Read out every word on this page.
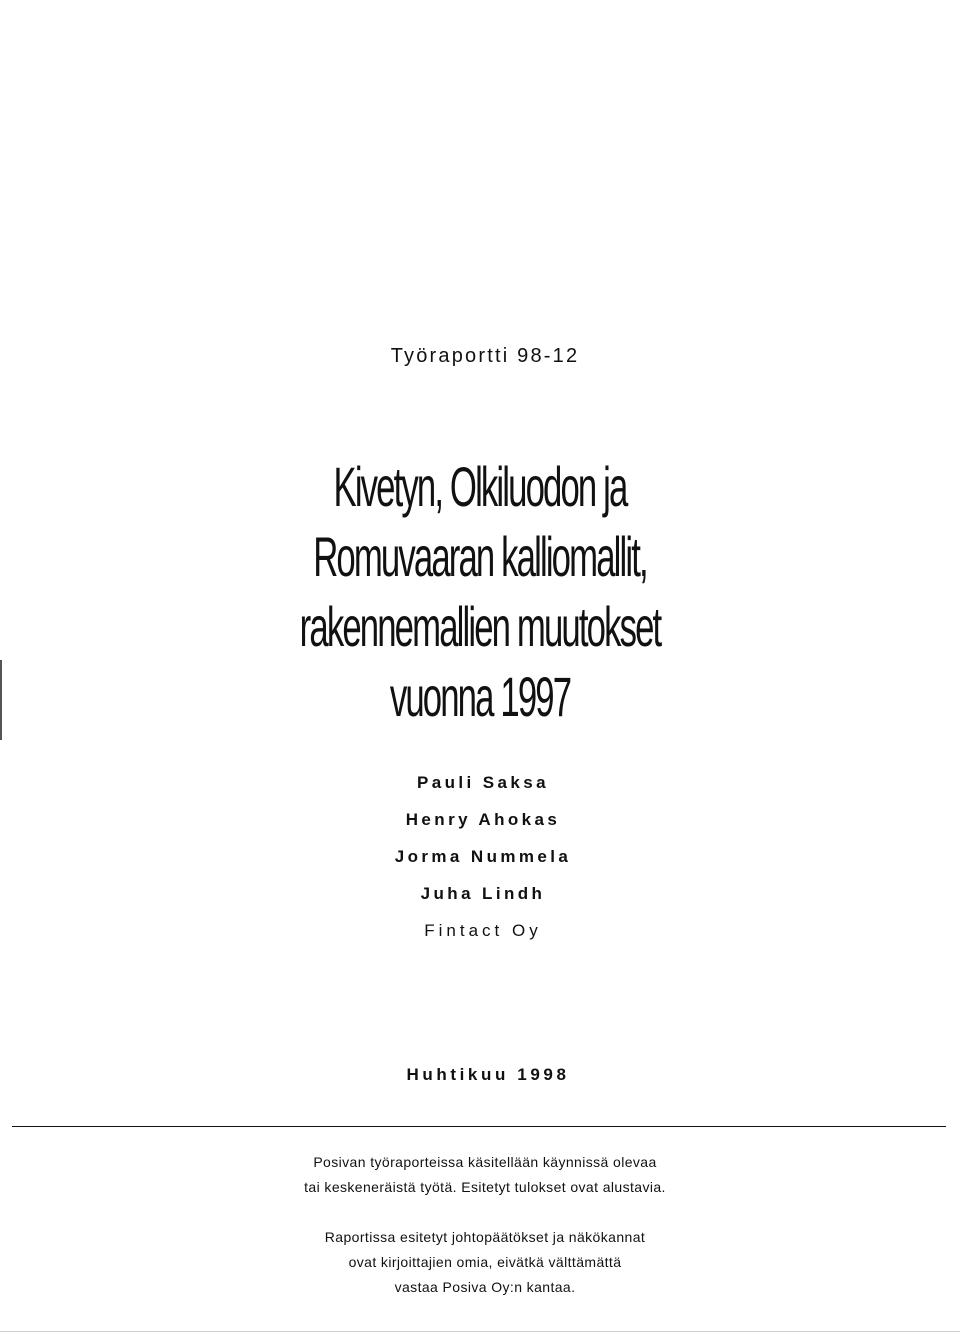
Työraportti 98-12
Kivetyn, Olkiluodon ja
Romuvaaran kalliomallit,
rakennemallien muutokset
vuonna 1997
Pauli Saksa
Henry Ahokas
Jorma Nummela
Juha Lindh
Fintact Oy
Huhtikuu 1998
Posivan työraporteissa käsitellään käynnissä olevaa
tai keskeneräistä työtä. Esitetyt tulokset ovat alustavia.
Raportissa esitetyt johtopäätökset ja näkökannat
ovat kirjoittajien omia, eivätkä välttämättä
vastaa Posiva Oy:n kantaa.
